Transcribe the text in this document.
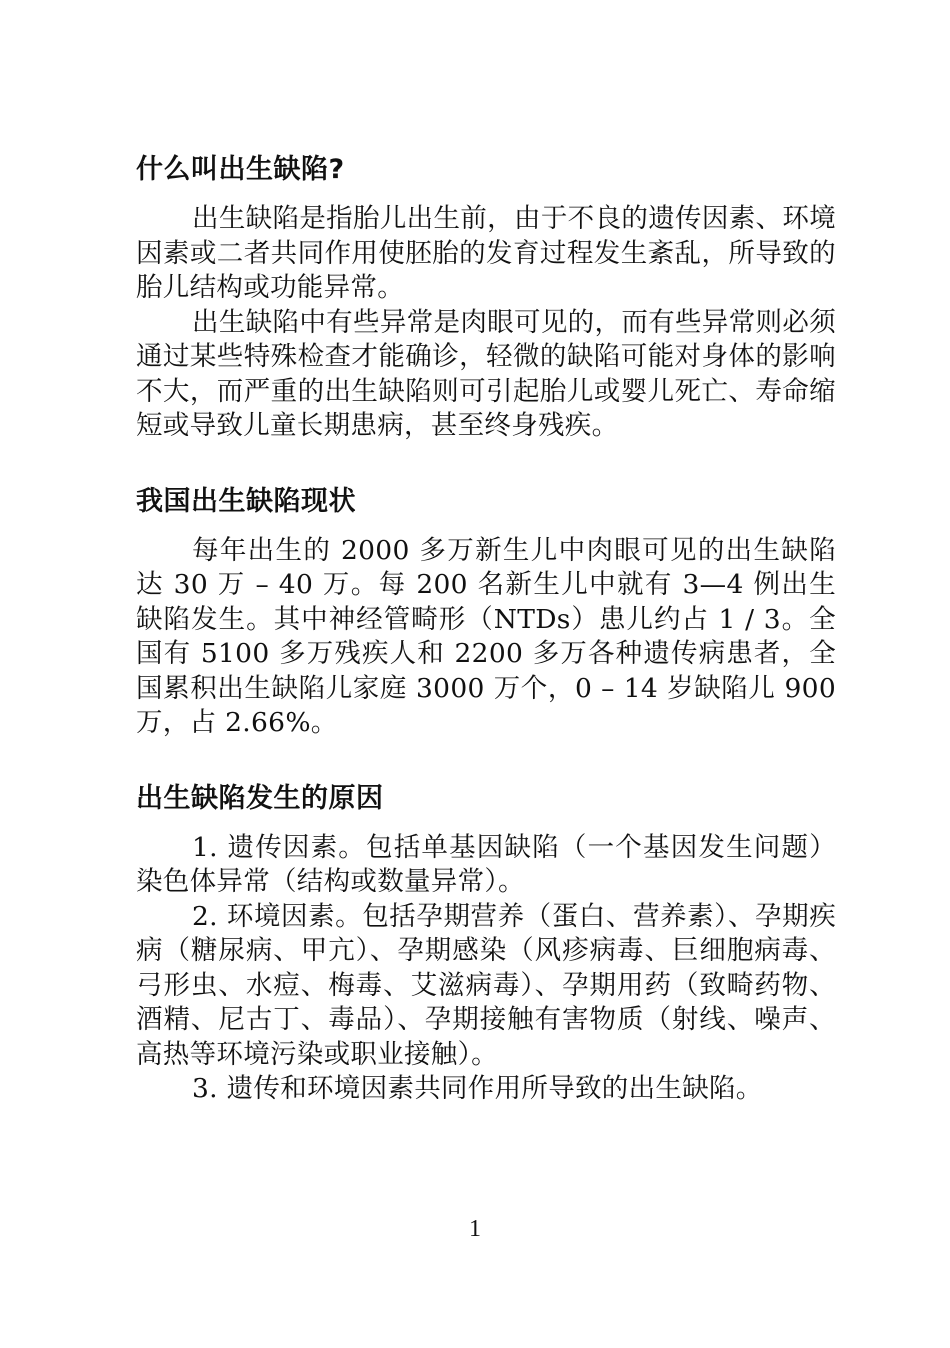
什么叫出生缺陷?

出生缺陷是指胎儿出生前，由于不良的遗传因素、环境因素或二者共同作用使胚胎的发育过程发生紊乱，所导致的胎儿结构或功能异常。

出生缺陷中有些异常是肉眼可见的，而有些异常则必须通过某些特殊检查才能确诊，轻微的缺陷可能对身体的影响不大，而严重的出生缺陷则可引起胎儿或婴儿死亡、寿命缩短或导致儿童长期患病，甚至终身残疾。

我国出生缺陷现状

每年出生的 2000 多万新生儿中肉眼可见的出生缺陷达 30 万 – 40 万。每 200 名新生儿中就有 3—4 例出生缺陷发生。其中神经管畸形（NTDs）患儿约占 1 / 3。全国有 5100 多万残疾人和 2200 多万各种遗传病患者，全国累积出生缺陷儿家庭 3000 万个，0 – 14 岁缺陷儿 900 万，占 2.66%。

出生缺陷发生的原因

1. 遗传因素。包括单基因缺陷（一个基因发生问题）染色体异常（结构或数量异常）。

2. 环境因素。包括孕期营养（蛋白、营养素）、孕期疾病（糖尿病、甲亢）、孕期感染（风疹病毒、巨细胞病毒、弓形虫、水痘、梅毒、艾滋病毒）、孕期用药（致畸药物、酒精、尼古丁、毒品）、孕期接触有害物质（射线、噪声、高热等环境污染或职业接触）。

3. 遗传和环境因素共同作用所导致的出生缺陷。

1
